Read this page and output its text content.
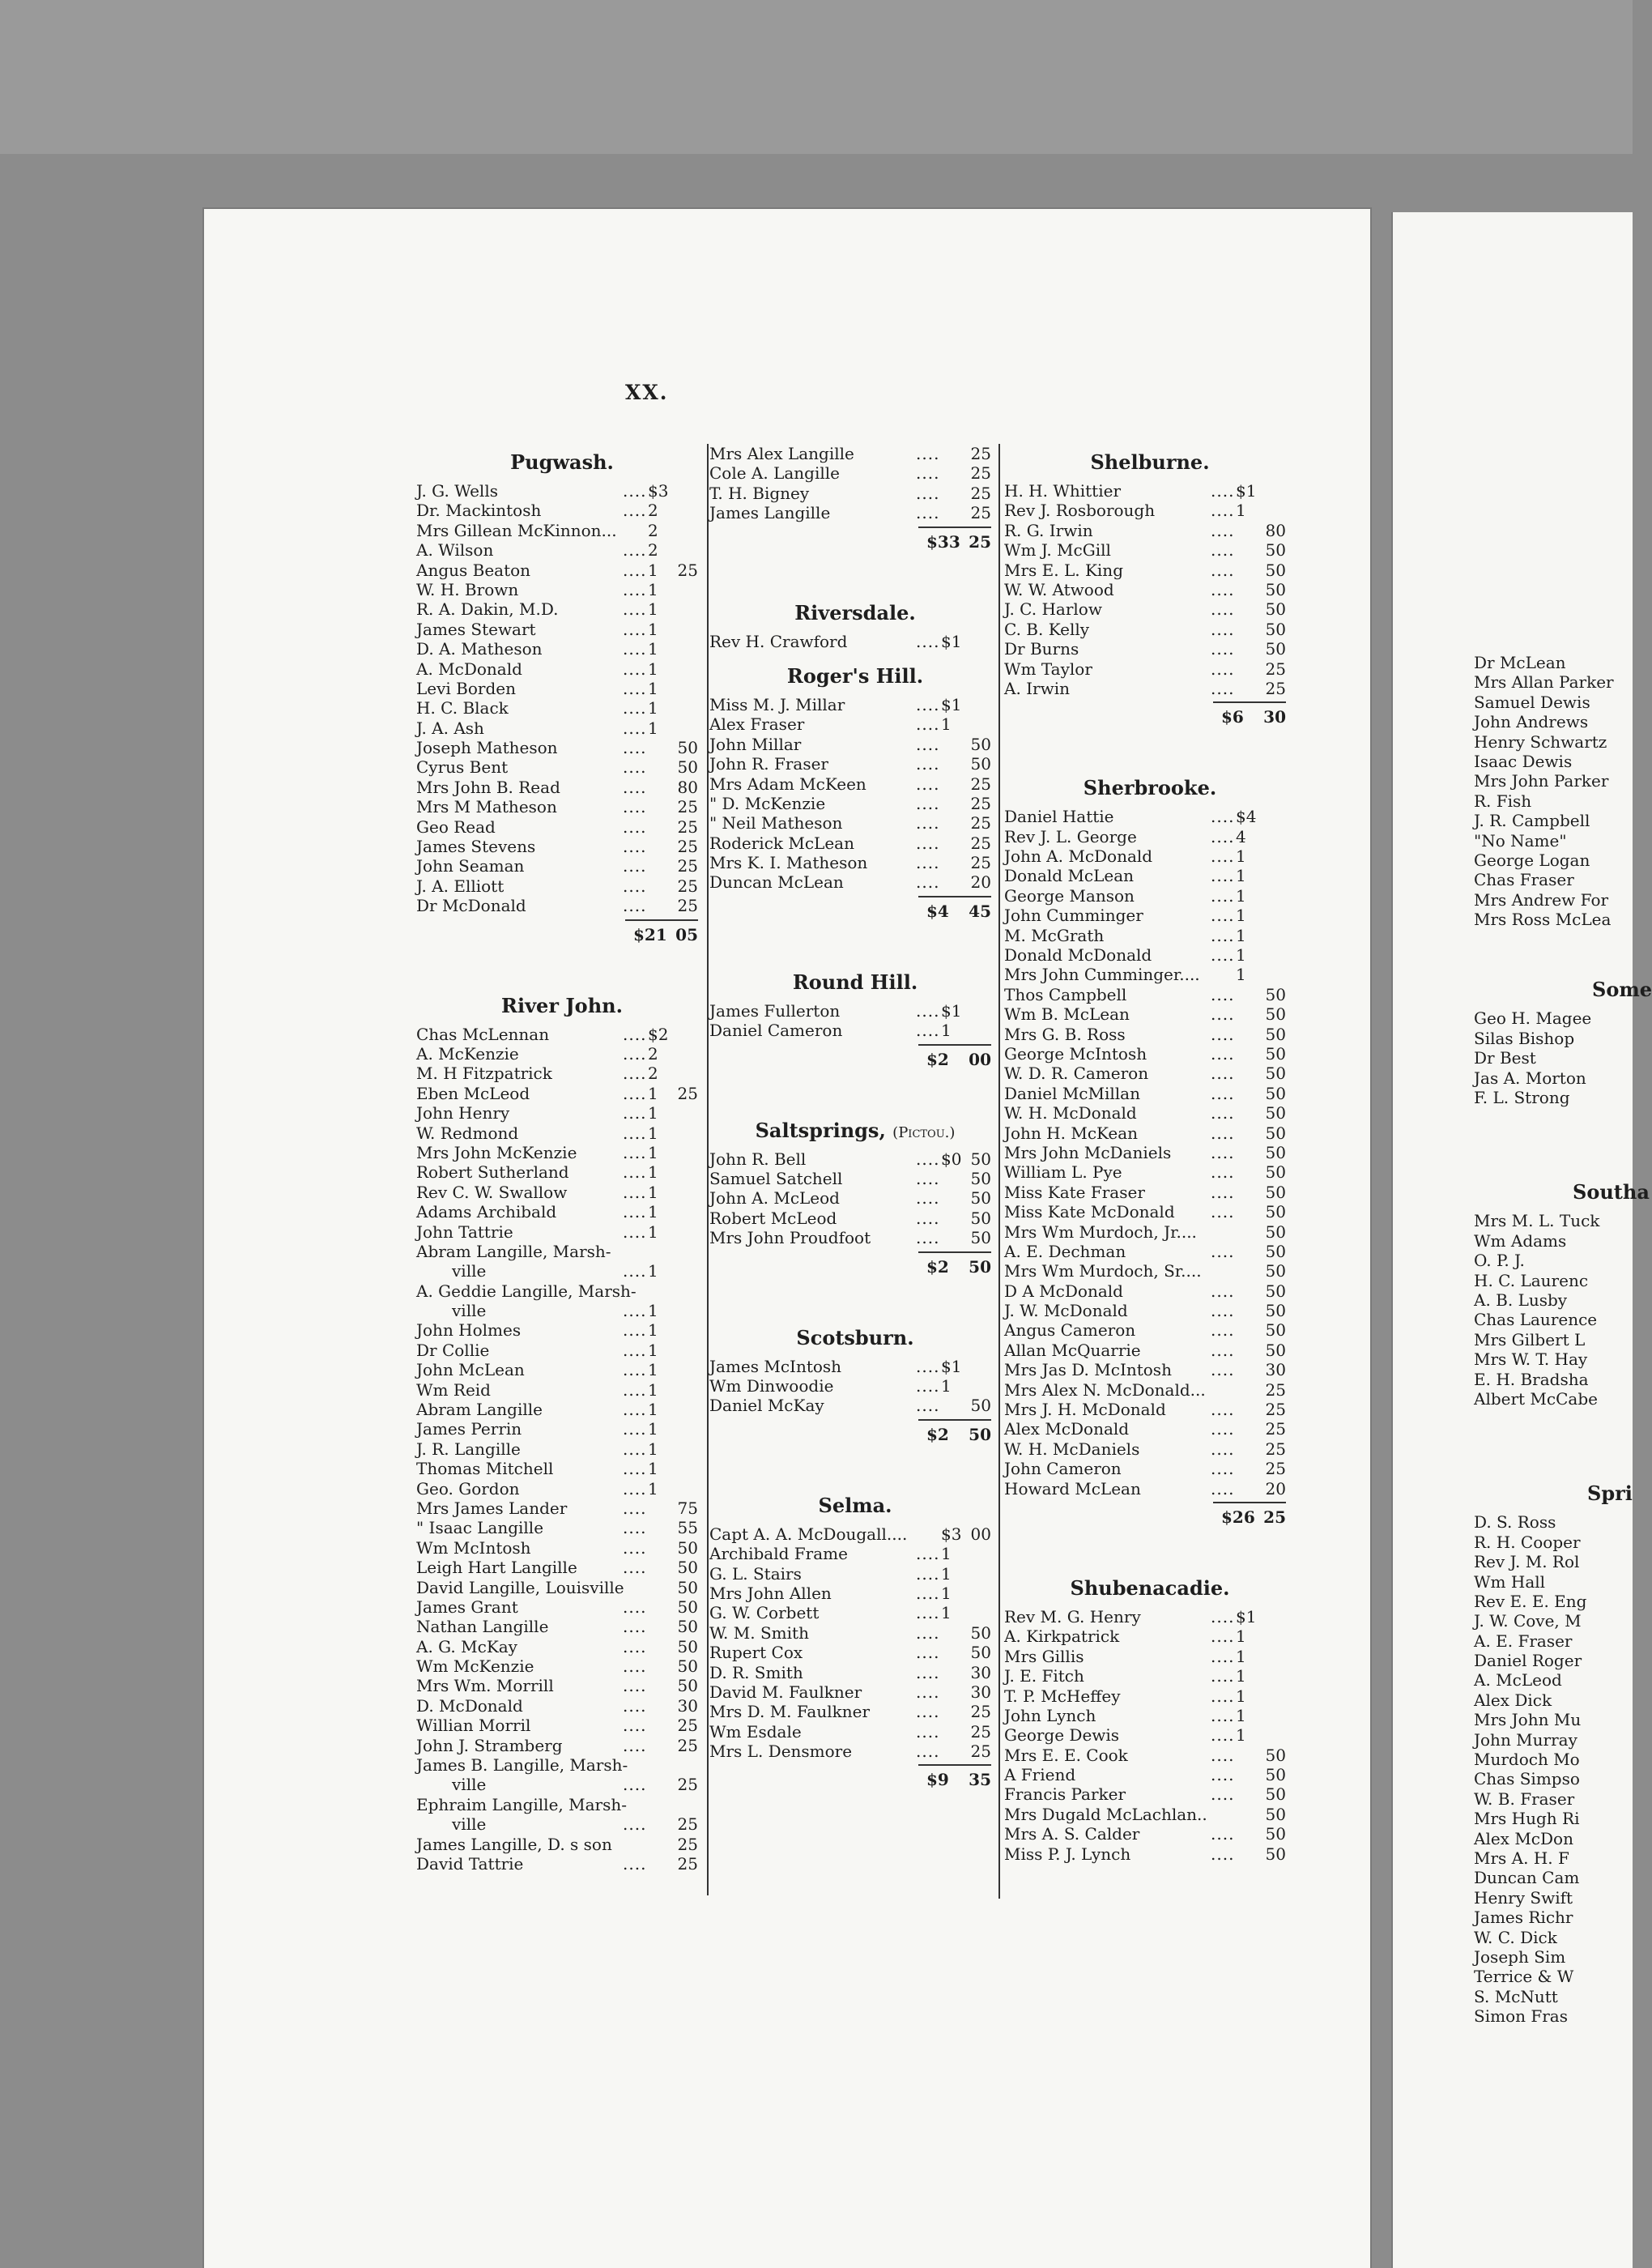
XX.
Pugwash.
J. G. Wells	.... $3
Dr. Mackintosh	.... 2
Mrs Gillean McKinnon... 2
A. Wilson	.... 2
Angus Beaton	.... 1	25
W. H. Brown	.... 1
R. A. Dakin, M.D.	.... 1
James Stewart	.... 1
D. A. Matheson	.... 1
A. McDonald	.... 1
Levi Borden	.... 1
H. C. Black	.... 1
J. A. Ash	.... 1
Joseph Matheson	....	50
Cyrus Bent	....	50
Mrs John B. Read	....	80
Mrs M Matheson	....	25
Geo Read	....	25
James Stevens	....	25
John Seaman	....	25
J. A. Elliott	....	25
Dr McDonald	....	25
$21 05
River John.
Chas McLennan	.... $2
A. McKenzie	.... 2
M. H Fitzpatrick	.... 2
Eben McLeod	.... 1	25
John Henry	.... 1
W. Redmond	.... 1
Mrs John McKenzie	.... 1
Robert Sutherland	.... 1
Rev C. W. Swallow	.... 1
Adams Archibald	.... 1
John Tattrie	.... 1
Abram Langille, Marsh-
ville	.... 1
A. Geddie Langille, Marsh-
ville	.... 1
John Holmes	.... 1
Dr Collie	.... 1
John McLean	.... 1
Wm Reid	.... 1
Abram Langille	.... 1
James Perrin	.... 1
J. R. Langille	.... 1
Thomas Mitchell	.... 1
Geo. Gordon	.... 1
Mrs James Lander	....	75
" Isaac Langille	....	55
Wm McIntosh	....	50
Leigh Hart Langille	....	50
David Langille, Louisville	50
James Grant	....	50
Nathan Langille	....	50
A. G. McKay	....	50
Wm McKenzie	....	50
Mrs Wm. Morrill	....	50
D. McDonald	....	30
Willian Morril	....	25
John J. Stramberg	....	25
James B. Langille, Marsh-
ville	....	25
Ephraim Langille, Marsh-
ville	....	25
James Langille, D. s son	25
David Tattrie	....	25
Mrs Alex Langille	....	25
Cole A. Langille	....	25
T. H. Bigney	....	25
James Langille	....	25
$33 25
Riversdale.
Rev H. Crawford	.... $1
Roger's Hill.
Miss M. J. Millar	.... $1
Alex Fraser	.... 1
John Millar	....	50
John R. Fraser	....	50
Mrs Adam McKeen	....	25
" D. McKenzie	....	25
" Neil Matheson	....	25
Roderick McLean	....	25
Mrs K. I. Matheson	....	25
Duncan McLean	....	20
$4	45
Round Hill.
James Fullerton	.... $1
Daniel Cameron	.... 1
$2	00
Saltsprings, (Pictou.)
John R. Bell	.... $0 50
Samuel Satchell	....	50
John A. McLeod	....	50
Robert McLeod	....	50
Mrs John Proudfoot	....	50
$2	50
Scotsburn.
James McIntosh	.... $1
Wm Dinwoodie	.... 1
Daniel McKay	....	50
$2	50
Selma.
Capt A. A. McDougall.... $3 00
Archibald Frame	.... 1
G. L. Stairs	.... 1
Mrs John Allen	.... 1
G. W. Corbett	.... 1
W. M. Smith	....	50
Rupert Cox	....	50
D. R. Smith	....	30
David M. Faulkner	....	30
Mrs D. M. Faulkner	....	25
Wm Esdale	....	25
Mrs L. Densmore	....	25
$9	35
Shelburne.
H. H. Whittier	.... $1
Rev J. Rosborough	.... 1
R. G. Irwin	....	80
Wm J. McGill	....	50
Mrs E. L. King	....	50
W. W. Atwood	....	50
J. C. Harlow	....	50
C. B. Kelly	....	50
Dr Burns	....	50
Wm Taylor	....	25
A. Irwin	....	25
$6	30
Sherbrooke.
Daniel Hattie	.... $4
Rev J. L. George	.... 4
John A. McDonald	.... 1
Donald McLean	.... 1
George Manson	.... 1
John Cumminger	.... 1
M. McGrath	.... 1
Donald McDonald	.... 1
Mrs John Cumminger.... 1
Thos Campbell	....	50
Wm B. McLean	....	50
Mrs G. B. Ross	....	50
George McIntosh	....	50
W. D. R. Cameron	....	50
Daniel McMillan	....	50
W. H. McDonald	....	50
John H. McKean	....	50
Mrs John McDaniels ....	50
William L. Pye	....	50
Miss Kate Fraser	....	50
Miss Kate McDonald ....	50
Mrs Wm Murdoch, Jr....	50
A. E. Dechman	....	50
Mrs Wm Murdoch, Sr....	50
D A McDonald	....	50
J. W. McDonald	....	50
Angus Cameron	....	50
Allan McQuarrie	....	50
Mrs Jas D. McIntosh ....	30
Mrs Alex N. McDonald...	25
Mrs J. H. McDonald	....	25
Alex McDonald	....	25
W. H. McDaniels	....	25
John Cameron	....	25
Howard McLean	....	20
$26 25
Shubenacadie.
Rev M. G. Henry	.... $1
A. Kirkpatrick	.... 1
Mrs Gillis	.... 1
J. E. Fitch	.... 1
T. P. McHeffey	.... 1
John Lynch	.... 1
George Dewis	.... 1
Mrs E. E. Cook	....	50
A Friend	....	50
Francis Parker	....	50
Mrs Dugald McLachlan..	50
Mrs A. S. Calder	....	50
Miss P. J. Lynch	....	50
Dr McLean
Mrs Allan Parker
Samuel Dewis
John Andrews
Henry Schwartz
Isaac Dewis
Mrs John Parker
R. Fish
J. R. Campbell
"No Name"
George Logan
Chas Fraser
Mrs Andrew For
Mrs Ross McLea
Some
Geo H. Magee
Silas Bishop
Dr Best
Jas A. Morton
F. L. Strong
Southa
Mrs M. L. Tuck
Wm Adams
O. P. J.
H. C. Laurenc
A. B. Lusby
Chas Laurence
Mrs Gilbert L
Mrs W. T. Hay
E. H. Bradsha
Albert McCabe
Spri
D. S. Ross
R. H. Cooper
Rev J. M. Rol
Wm Hall
Rev E. E. Eng
J. W. Cove, M
A. E. Fraser
Daniel Roger
A. McLeod
Alex Dick
Mrs John Mu
John Murray
Murdoch Mo
Chas Simpso
W. B. Fraser
Mrs Hugh Ri
Alex McDon
Mrs A. H. F
Duncan Cam
Henry Swift
James Richr
W. C. Dick
Joseph Sim
Terrice & W
S. McNutt
Simon Fras
